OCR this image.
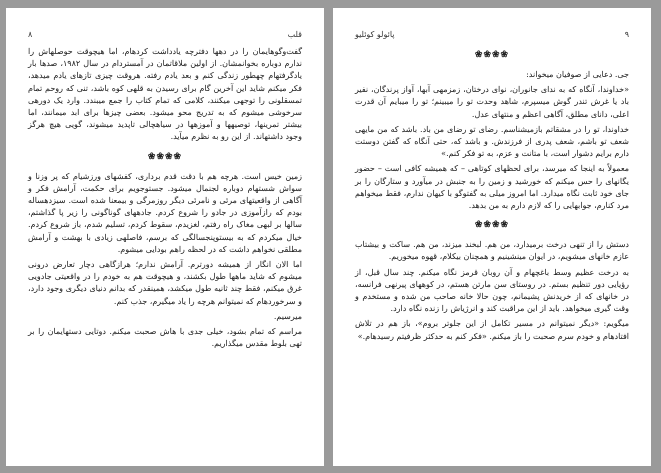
۸	قلب

گفت‌وگوهایمان را در دهها دفترچه یادداشت کردهام، اما هیچوقت حوصلهاش را ندارم دوباره بخوانمشان. از اولین ملاقاتمان در آمستردام در سال ۱۹۸۲، صدها بار یادگرفتهام چهطور زندگی کنم و بعد یادم رفته. هروقت چیزی تازهای یادم میدهد، فکر میکنم شاید این آخرین گام برای رسیدن به قلهی کوه باشد، تنی که روحم تمام تمسقلونی را توجهی میکنند، کلامی که تمام کتاب را جمع میبندد. وارد یک دورهی سرخوشی میشوم که به تدریج محو میشود. بعضی چیزها برای ابد میمانند، اما بیشتر تمرینها، توصیهها و آموزهها در سیاهچالی تاپدید میشوند، گویی هیچ هرگز وجود داشتهاند. از این رو به نظرم میآید.

❀❀❀❀

زمین خیس است. هرچه هم با دقت قدم برداری، کفشهای ورزشیام که پر وزنا و سواش شستهام دوباره لجنمال میشود. جستوجویم برای حکمت، آرامش فکر و آگاهی از واقعیتهای مرئی و نامرئی دیگر روزمرگی و بیمعنا شده است. سیزدهساله بودم که رازآموزی در جادو را شروع کردم. جادههای گوناگونی را زیر پا گذاشتم، سالها بر لبهی مغاک راه رفتم، لغزیدم، سقوط کردم، تسلیم شدم، باز شروع کردم. خیال میکردم که به بیستوپنجسالگی که برسم، فاصلهی زیادی با بهشت و آرامش مطلقی نخواهم داشت که در لحظه راهم بودایی میشوم.

اما الان انگار از همیشه دورترم. آرامش ندارم؛ هرازگاهی دچار تعارض درونی میشوم که شاید ماهها طول بکشند، و هیچوقت هم به خودم را در واقعیتی جادویی غرق میکنم، فقط چند ثانیه طول میکشد، همینقدر که بدانم دنیای دیگری وجود دارد، و سرخوردهام که نمیتوانم هرچه را یاد میگیرم، جذب کنم.

میرسیم.

مراسم که تمام بشود، خیلی جدی با هاش صحبت میکنم. دوتایی دستهایمان را بر تهی بلوط مقدس میگذاریم.

پائولو کوئلیو	۹
❀❀❀❀

جی. دعایی از صوفیان میخواند:

«خداوندا، آنگاه که به ندای جانوران، نوای درختان، زمزمهی آبها، آواز پرندگان، نفیر باد یا غرش تندر گوش میسپرم، شاهد وحدت تو را میبینم؛ تو را میبایم آن قدرت اعلی، دانای مطلق، آگاهی اعظم و منتهای عدل.

خداوندا، تو را در مشقاتم بازمیشناسم. رضای تو رضای من باد. باشد که من مایهی شعف تو باشم، شعف پدری از فرزندش. و باشد که، حتی آنگاه که گفتن دوستت دارم برایم دشوار است، با متانت و عزم، به تو فکر کنم.»

معمولاً به اینجا که میرسد، برای لحظهای کوتاهی – که همیشه کافی است – حضور یگانهای را حس میکنم که خورشید و زمین را به جنبش در میآورد و ستارگان را بر جای خود ثابت نگاه میدارد. اما امروز میلی به گفتوگو با کیهان ندارم، فقط میخواهم مرد کنارم، جوابهایی را که لازم دارم به من بدهد.

❀❀❀❀

دستش را از تنهی درخت برمیدارد، من هم. لبخند میزند، من هم. ساکت و بیشتاب عازم خانهای میشویم، در ایوان مینشینیم و همچنان بیکلام، قهوه میخوریم.

به درخت عظیم وسط باغچهام و آن روبان قرمز نگاه میکنم. چند سال قبل، از رؤیایی دور تنظیم بستم. در روستای سن مارتن هستم، در کوههای پیرنهی فرانسه، در خانهای که از خریدنش پشیمانم، چون حالا خانه صاحب من شده و مستخدم و وقت گیری میخواهد. باید از این مراقبت کند و انرژیاش را زنده نگاه دارد.

میگویم: «دیگر نمیتوانم در مسیر تکامل از این جلوتر بروم»، باز هم در تلاش افتادهام و خودم سرم صحبت را باز میکنم. «فکر کنم به حدکثر ظرفیتم رسیدهام.»
